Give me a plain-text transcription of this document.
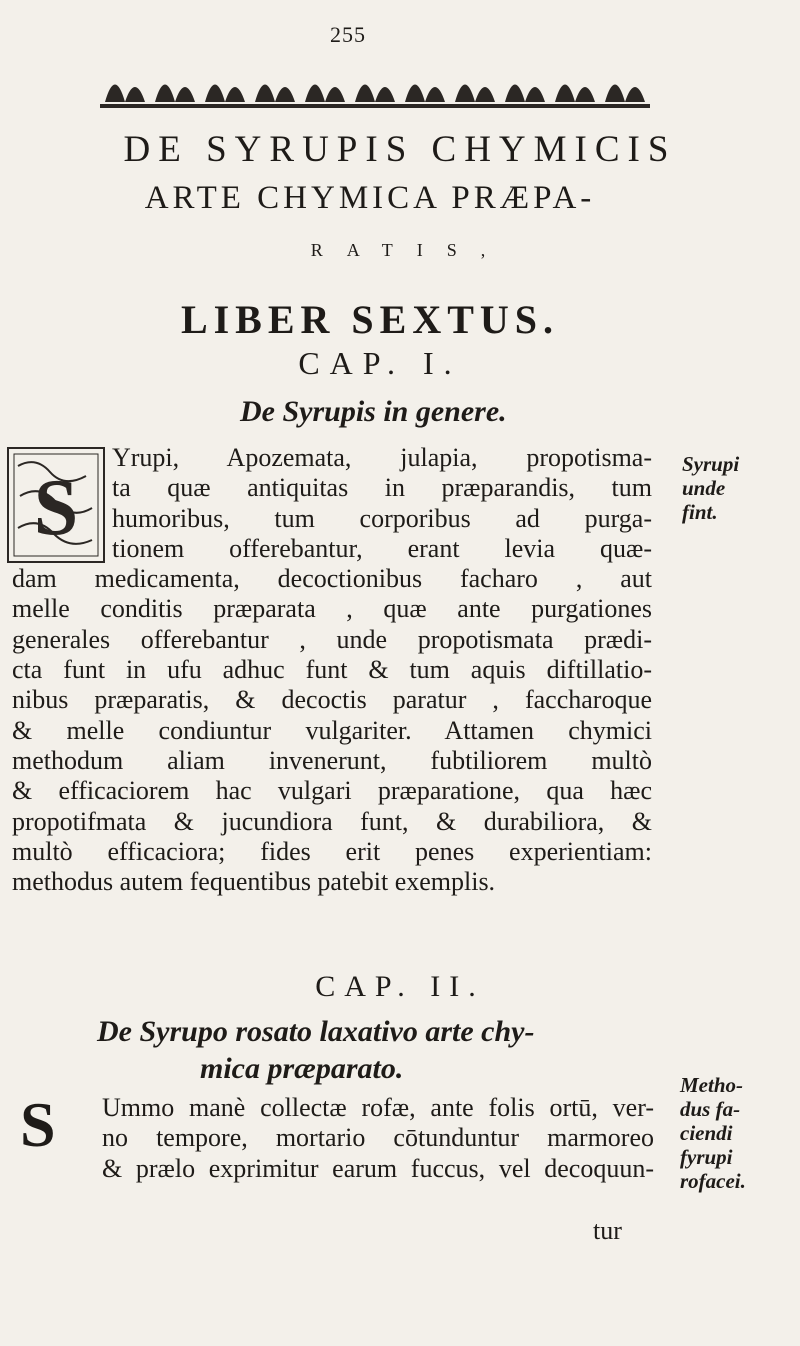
255
DE SYRUPIS CHYMICIS
ARTE CHYMICA PRÆPA-
RATIS,
LIBER SEXTUS.
CAP. I.
De Syrupis in genere.
S
Yrupi, Apozemata, julapia, propotisma-
ta quæ antiquitas in præparandis, tum
humoribus, tum corporibus ad purga-
tionem offerebantur, erant levia quæ-
dam medicamenta, decoctionibus facharo , aut
melle conditis præparata , quæ ante purgationes
generales offerebantur , unde propotismata prædi-
cta funt in ufu adhuc funt & tum aquis diftillatio-
nibus præparatis, & decoctis paratur , faccharoque
& melle condiuntur vulgariter. Attamen chymici
methodum aliam invenerunt, fubtiliorem multò
& efficaciorem hac vulgari præparatione, qua hæc
propotifmata & jucundiora funt, & durabiliora, &
multò efficaciora; fides erit penes experientiam:
methodus autem fequentibus patebit exemplis.
Syrupi
unde
fint.
CAP. II.
De Syrupo rosato laxativo arte chy-
mica præparato.
S Ummo manè collectæ rofæ, ante folis ortū, ver-
no tempore, mortario cōtunduntur marmoreo
& prælo exprimitur earum fuccus, vel decoquun-
Metho-
dus fa-
ciendi
fyrupi
rofacei.
tur
